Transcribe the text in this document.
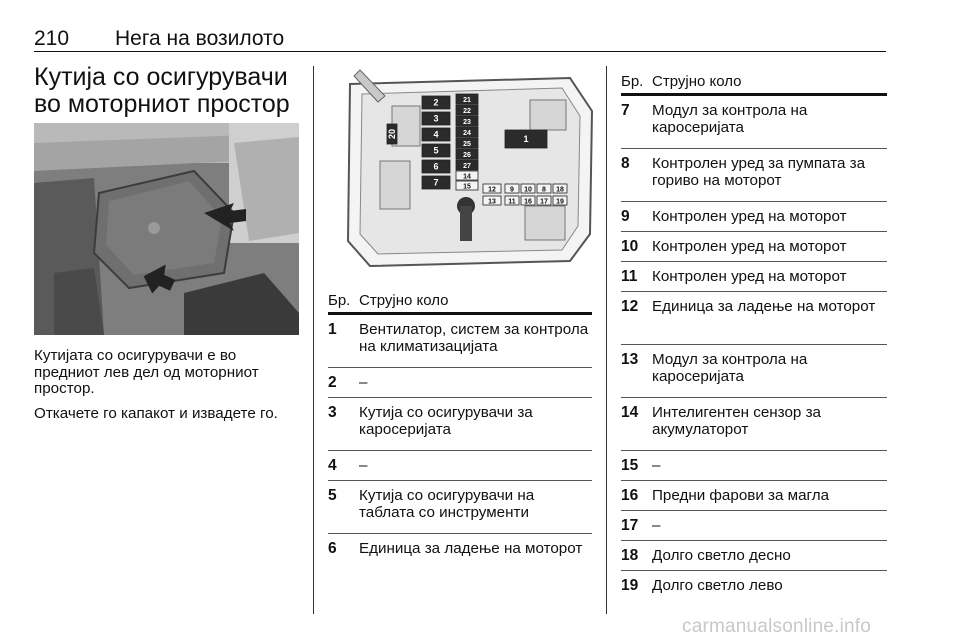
210 Нега на возилото
Кутија со осигурувачи во моторниот простор

Кутијата со осигурувачи е во предниот лев дел од моторниот простор.

Откачете го капакот и извадете го.

2
3
4
5
6
7
21
22
23
24
25
26
27
14
15
1
12
13
9 10 8
11 16 17
18
19
20
Бр. Струјно коло
1 Вентилатор, систем за контрола на климатизацијата
2 –
3 Кутија со осигурувачи за каросеријата
4 –
5 Кутија со осигурувачи на таблата со инструменти
6 Единица за ладење на моторот
Бр. Струјно коло
7 Модул за контрола на каросеријата
8 Контролен уред за пумпата за гориво на моторот
9 Контролен уред на моторот
10 Контролен уред на моторот
11 Контролен уред на моторот
12 Единица за ладење на моторот
13 Модул за контрола на каросеријата
14 Интелигентен сензор за акумулаторот
15 –
16 Предни фарови за магла
17 –
18 Долго светло десно
19 Долго светло лево
carmanualsonline.info
